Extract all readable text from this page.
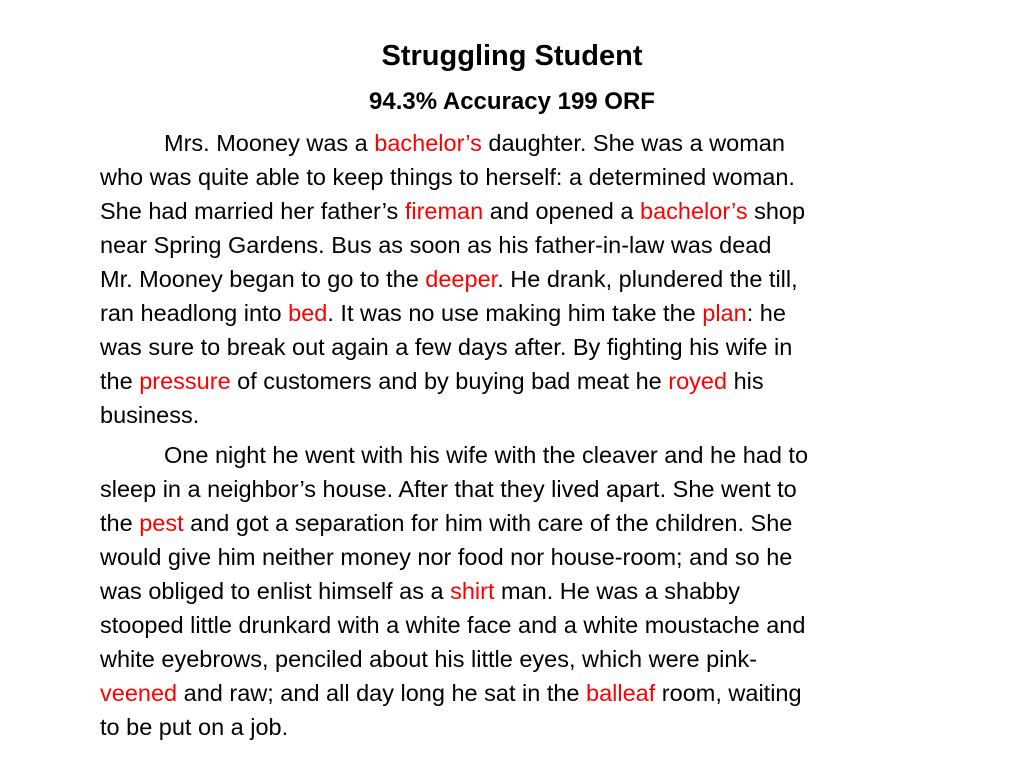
Struggling Student
94.3% Accuracy 199 ORF

Mrs. Mooney was a bachelor’s daughter. She was a woman
who was quite able to keep things to herself: a determined woman.
She had married her father’s fireman and opened a bachelor’s shop
near Spring Gardens. Bus as soon as his father-in-law was dead
Mr. Mooney began to go to the deeper. He drank, plundered the till,
ran headlong into bed. It was no use making him take the plan: he
was sure to break out again a few days after. By fighting his wife in
the pressure of customers and by buying bad meat he royed his
business.

One night he went with his wife with the cleaver and he had to
sleep in a neighbor’s house. After that they lived apart. She went to
the pest and got a separation for him with care of the children. She
would give him neither money nor food nor house-room; and so he
was obliged to enlist himself as a shirt man. He was a shabby
stooped little drunkard with a white face and a white moustache and
white eyebrows, penciled about his little eyes, which were pink-
veened and raw; and all day long he sat in the balleaf room, waiting
to be put on a job.
